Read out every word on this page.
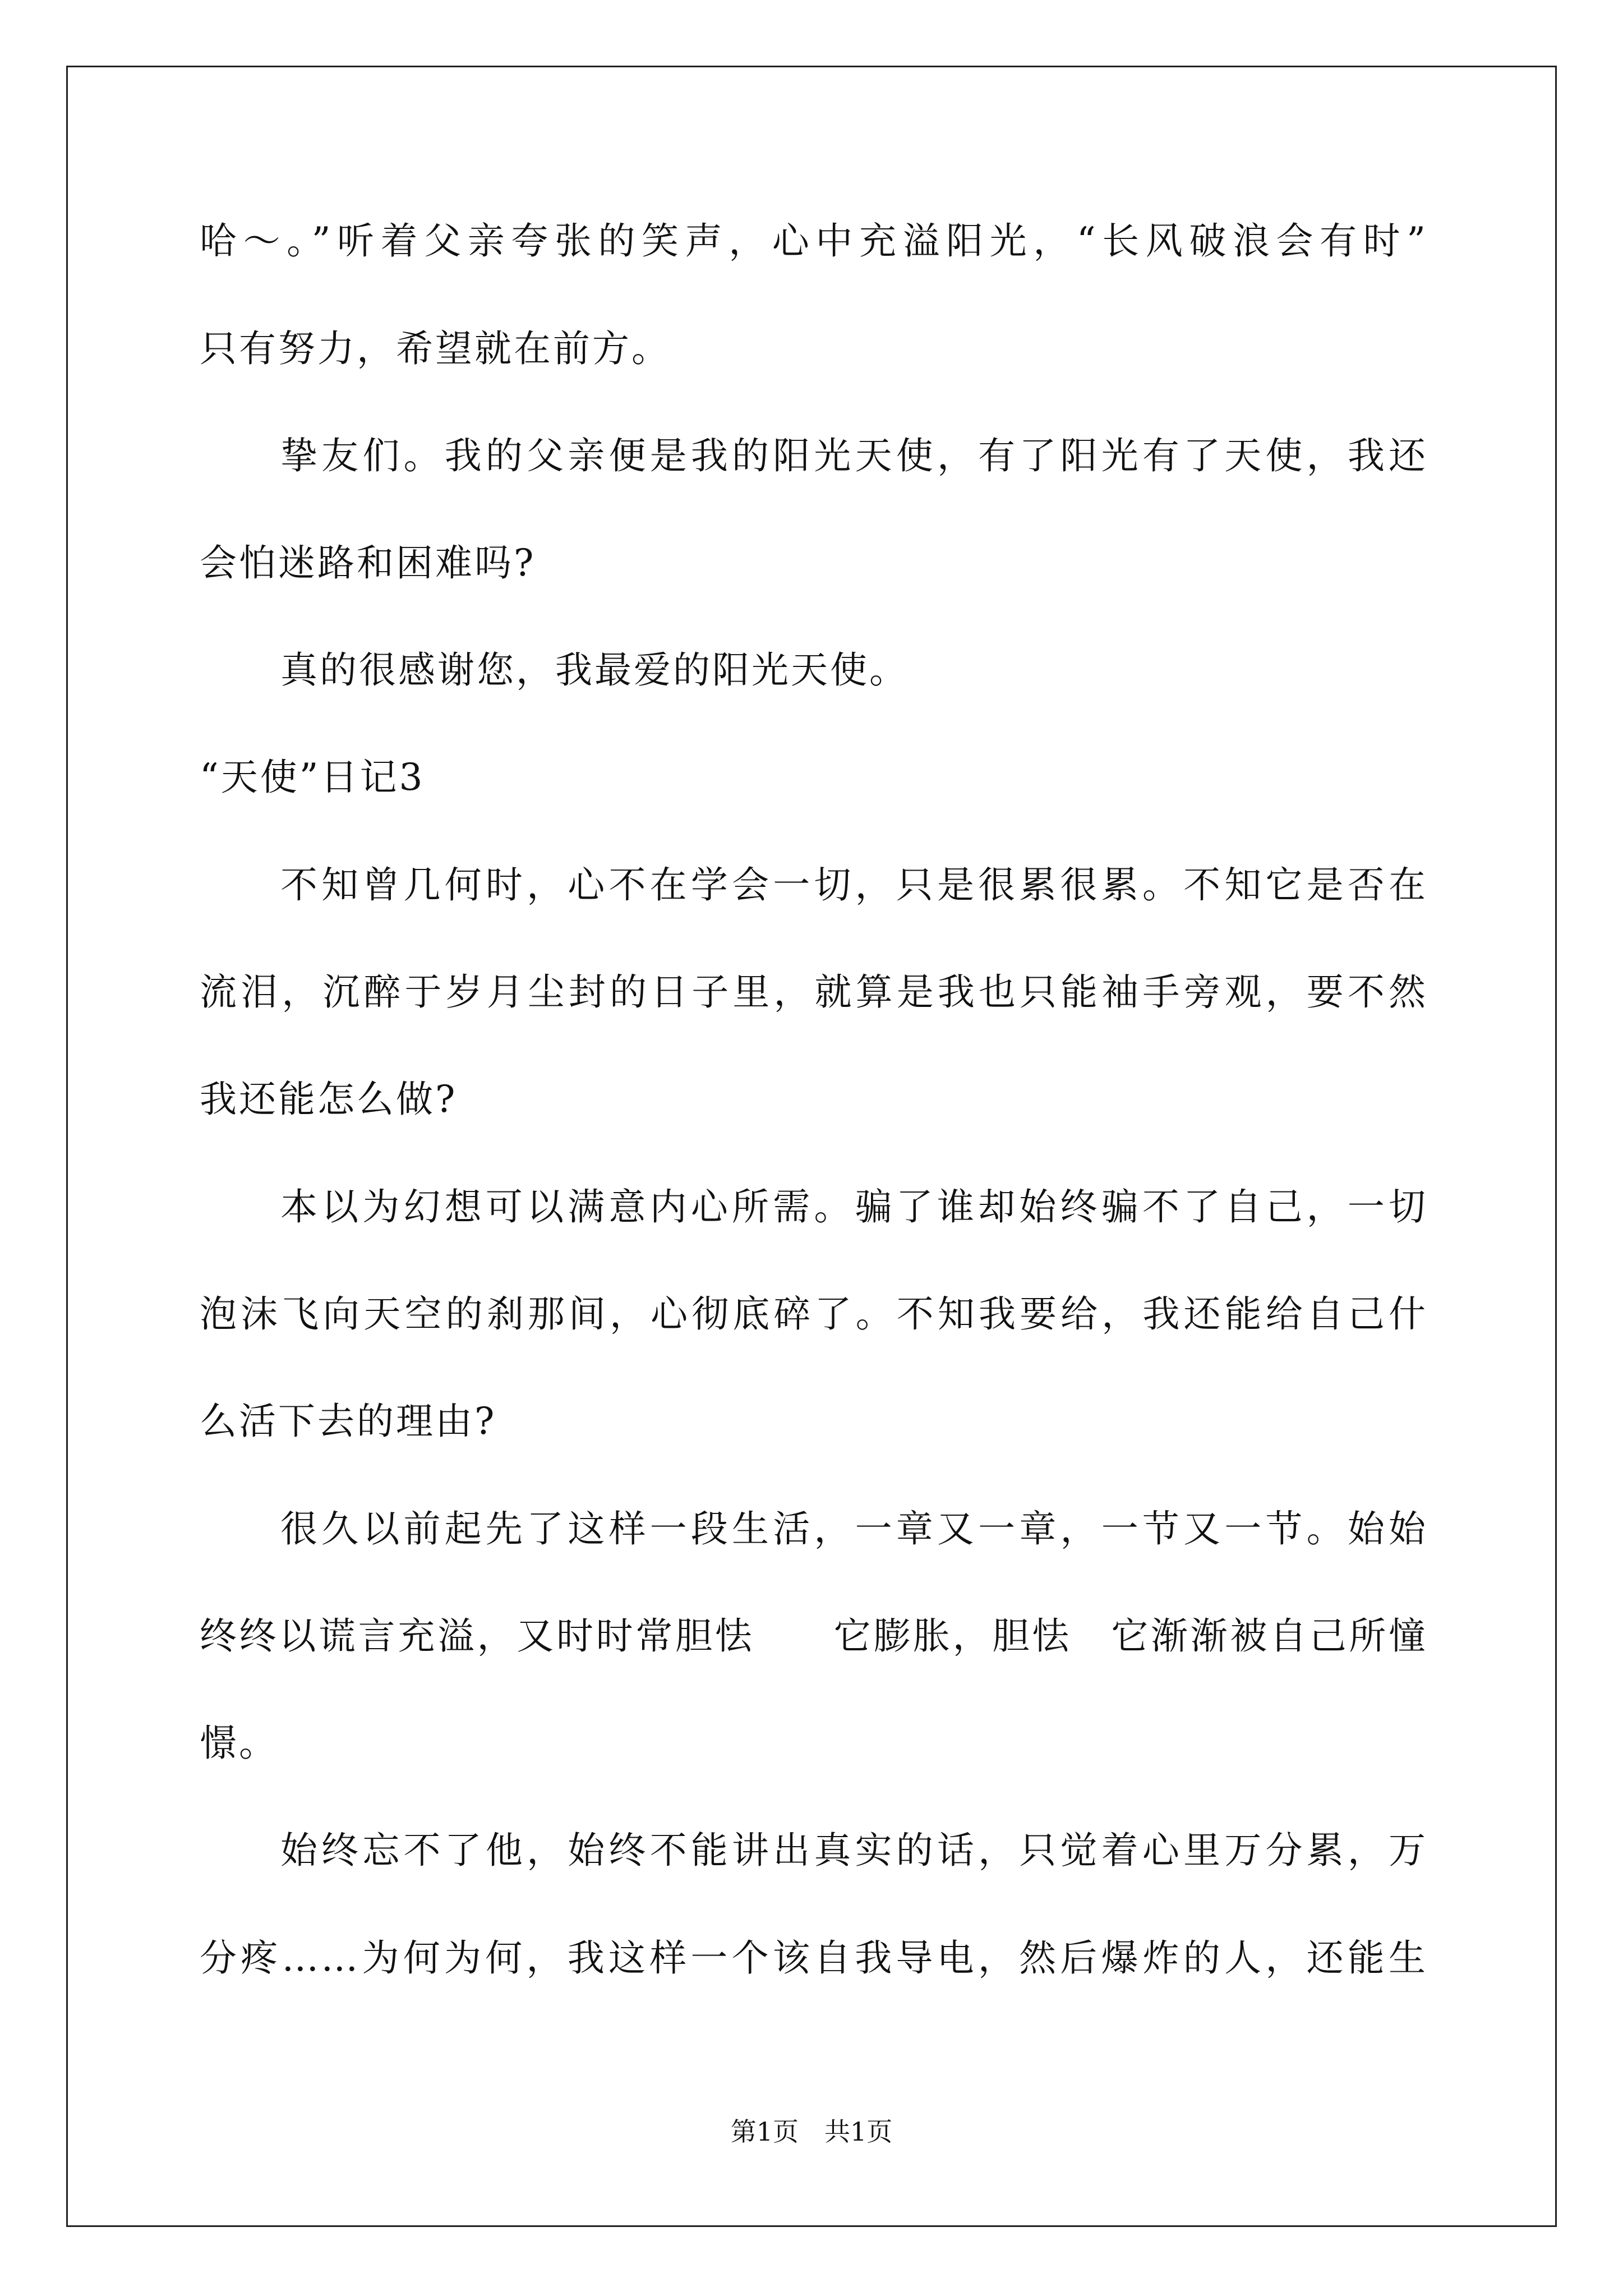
哈～。”听着父亲夸张的笑声，心中充溢阳光，“长风破浪会有时”
只有努力，希望就在前方。
挚友们。我的父亲便是我的阳光天使，有了阳光有了天使，我还
会怕迷路和困难吗?
真的很感谢您，我最爱的阳光天使。
“天使”日记3
不知曾几何时，心不在学会一切，只是很累很累。不知它是否在
流泪，沉醉于岁月尘封的日子里，就算是我也只能袖手旁观，要不然
我还能怎么做?
本以为幻想可以满意内心所需。骗了谁却始终骗不了自己，一切
泡沫飞向天空的刹那间，心彻底碎了。不知我要给，我还能给自己什
么活下去的理由?
很久以前起先了这样一段生活，一章又一章，一节又一节。始始
终终以谎言充溢，又时时常胆怯　　它膨胀，胆怯　它渐渐被自己所憧
憬。
始终忘不了他，始终不能讲出真实的话，只觉着心里万分累，万
分疼……为何为何，我这样一个该自我导电，然后爆炸的人，还能生
第1页 共1页
